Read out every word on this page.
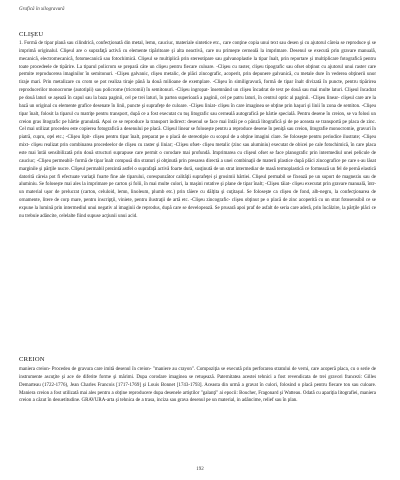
Grafică în xilogravură

CLIŞEU

1. Formă de tipar plană sau cilindrică, confecţionată din metal, lemn, cauciuc, materiale sintetice etc., care conţine copia unui text sau desen şi cu ajutorul căreia se reproduce şi se imprimă originalul. Clişeul are o suprafaţă activă cu elemente tipăritoare şi alta neactivă, care nu primeşte cerneală la imprimare. Desenul se execută prin gravare manuală, mecanică, electromecanică, fotomecanică sau fotochimică. Clişeul se multiplică prin stereotipare sau galvanoplastie la tipar înalt, prin reportare şi multiplicare fotografică pentru toate procedeele de tipărire. La tiparul policrom se prepară câte un clişeu pentru fiecare culoare. -Clişeu cu raster, clişeu tipografic sau ofset obţinut cu ajutorul unui raster care permite reproducerea imaginilor în semitonuri. -Clişeu galvanic, clişeu metalic, de plăci zincografic, acoperit, prin depunere galvanică, cu metale dure în vederea obţinerii unor tiraje mari. Prin metalizare cu crom se pot realiza tiraje până la două milioane de exemplare. -Clişeu în similigravură, formă de tipar înalt divizată în puncte, pentru tipărirea reproducerilor monocrome (autotipii) sau policrome (tricromii) în semitonuri. -Clişeu ingropat- însemnând un clişeu încadrat de text pe două sau mai multe laturi. Clişeul încadrat pe două laturi se aşează în capul sau la baza paginii, cel pe trei laturi, în partea superioară a paginii, cel pe patru laturi, în centrul optic al paginii. -Clişeu linear- clişeul care are la bază un original cu elemente grafice desenate în linii, puncte şi suprafeţe de culoare. -Clişeu liniat- clişeu în care imaginea se obţine prin haşuri şi linii în zona de semiton. -Clişeu tipar înalt, folosit la tiparul cu matriţe pentru transport, după ce a fost executat cu tuş litografic sau cerneală autografică pe hârtie specială. Pentru desene în creion, se va folosi un creion gras litografic pe hârtie granulată. Apoi ce se reproduce la transport indirect: desenul se face mai întâi pe o pânză litografică şi de pe aceasta se transportă pe placa de zinc. Cel mai utilizat procedeu este copierea fotografică a desenului pe placă. Clişeul linear se foloseşte pentru a reproduce desene în peniţă sau creion, litografie monocromie, gravuri în piatră, cupru, oţel etc.; -Clişeu lipit- clişeu pentru tipar înalt, preparat pe o placă de stereotipie cu scopul de a obţine imagini clare. Se foloseşte pentru periodice ilustrate; -Clişeu mixt- clişeu realizat prin combinarea procedeelor de clişeu cu raster şi liniar; -Clişeu ofset- clişeu metalic (zinc sau aluminiu) executat de obicei pe cale fotochimică, în care placa este mai întâi sensibilizată prin două structuri suprapuse care permit o corodare mai profundă. Imprimarea cu clişeul ofset se face planografic prin intermediul unei pelicule de cauciuc; -Clişeu permeabil- formă de tipar înalt compusă din straturi şi obţinută prin presarea directă a unei combinaţii de materii plastice după plăci zincografice pe care s-au lăsat marginile şi părţile nucre. Clişeul permabil prezintă astfel o suprafaţă activă foarte dură, susţinută de un strat intermediar de masă termoplastică ce formează un fel de pernă elastică datorită căreia pot fi efectuate variaţii foarte fine ale tiparului, corespunzător calităţii suprafeţei şi grosimii hârtiei. Clişeul permabil se fixează pe un suport de magneziu sau de aluminiu. Se foloseşte mai ales la imprimare pe carton şi folii, în mai multe culori, la maşini rotative şi plane de tipar înalt; -Clişeu tăiat- clişeu executat prin gravare manuală, într-un material uşor de prelucrat (carton, celuloid, lemn, linoleum, plumb etc.) prin tăiere cu dălţita şi cuţitaşul. Se foloseşte ca clişeu de fond, alb-negru, la confecţionarea de ornamente, litere de corp mare, pentru inscripţii, viniete, pentru ilustraţii de artă etc. -Clişeu zincografic- clişeu obţinut pe o placă de zinc acoperită cu un strat fotosensibil ce se expune la lumină prin intermediul unui negativ al imaginii de reprodus, după care se developează. Se prusară apoi praf de asfalt de seria care aderă, prin încălzire, la părţile plăci ce nu trebuie adâncite, celelalte fiind supuse acţiunii unui acid.

CREION

maniera creion- Procedeu de gravura care imită desenul în creion- "maniere au crayon". Compoziţia se execută prin perforarea stratului de verni, care acoperă placa, cu o serie de instrumente ascuţite şi ace de diferite forme şi mărimi. Dupa corodare imaginea se retuşează. Paternitatea acestei tehnici a fost revendicata de trei gravori francezi: Gilles Demarteau (1722-1776), Jean Charles Francois [1717-1769] şi Louis Bonnet [1743-1793]. Aceasta din urmă a gravat în culori, folosind o placă pentru fiecare ton sau culoare. Maniera creion a fost utilizată mai ales pentru a obţine reproducere dupa desenele artiştilor "galanţi" ai epocii: Boucher, Fragonard şi Watteau. Odată cu apariţia litografiei, maniera creion a căzut în desuetitudine. GRAVURA-arta şi tehnica de a trasa, inciza sau grava desenul pe un material, in adâncime, relief sau în plan.

192
